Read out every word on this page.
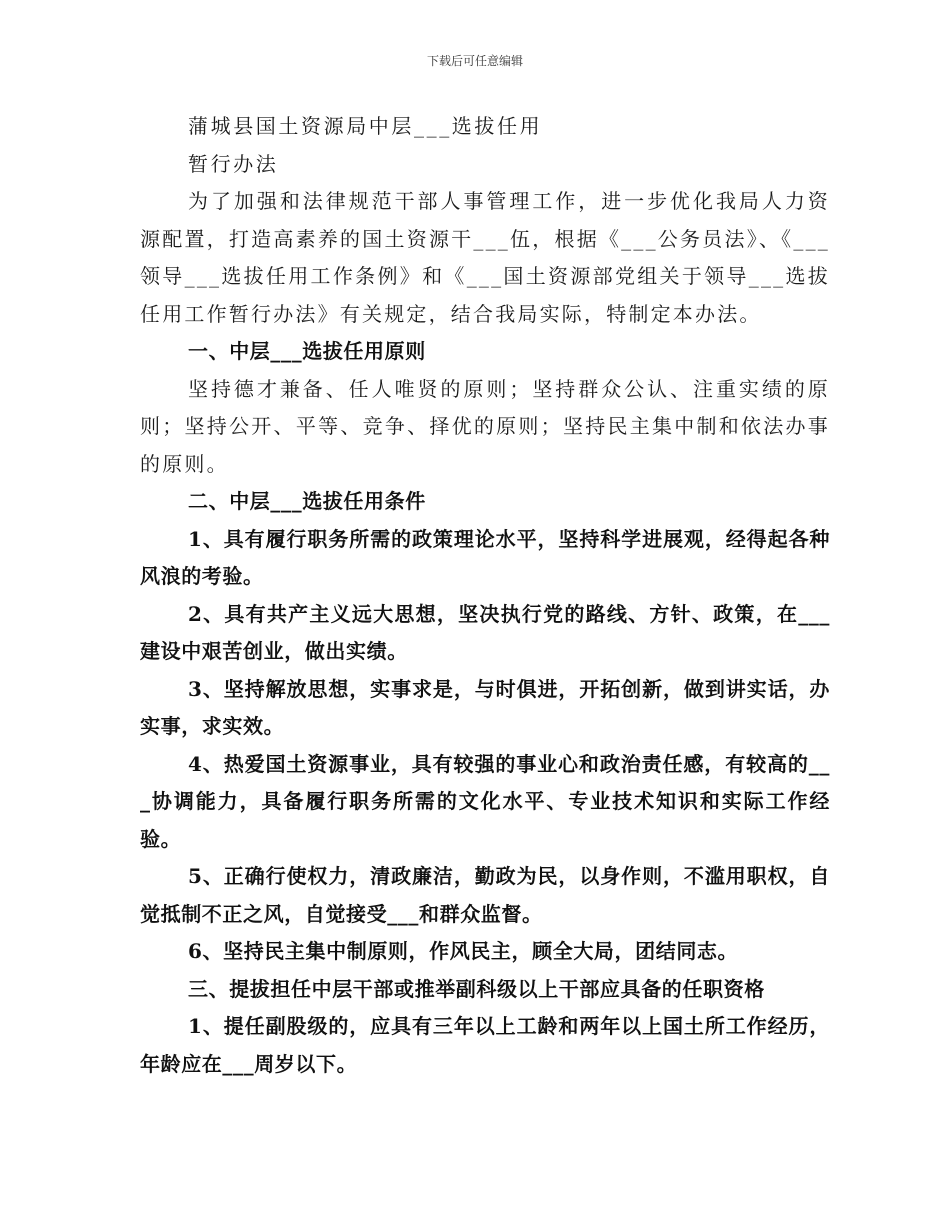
下载后可任意编辑

蒲城县国土资源局中层___选拔任用

暂行办法

为了加强和法律规范干部人事管理工作，进一步优化我局人力资源配置，打造高素养的国土资源干___伍，根据《___公务员法》、《___领导___选拔任用工作条例》和《___国土资源部党组关于领导___选拔任用工作暂行办法》有关规定，结合我局实际，特制定本办法。

一、中层___选拔任用原则

坚持德才兼备、任人唯贤的原则；坚持群众公认、注重实绩的原则；坚持公开、平等、竞争、择优的原则；坚持民主集中制和依法办事的原则。

二、中层___选拔任用条件

1、具有履行职务所需的政策理论水平，坚持科学进展观，经得起各种风浪的考验。

2、具有共产主义远大思想，坚决执行党的路线、方针、政策，在___建设中艰苦创业，做出实绩。

3、坚持解放思想，实事求是，与时俱进，开拓创新，做到讲实话，办实事，求实效。

4、热爱国土资源事业，具有较强的事业心和政治责任感，有较高的___协调能力，具备履行职务所需的文化水平、专业技术知识和实际工作经验。

5、正确行使权力，清政廉洁，勤政为民，以身作则，不滥用职权，自觉抵制不正之风，自觉接受___和群众监督。

6、坚持民主集中制原则，作风民主，顾全大局，团结同志。

三、提拔担任中层干部或推举副科级以上干部应具备的任职资格

1、提任副股级的，应具有三年以上工龄和两年以上国土所工作经历，年龄应在___周岁以下。
